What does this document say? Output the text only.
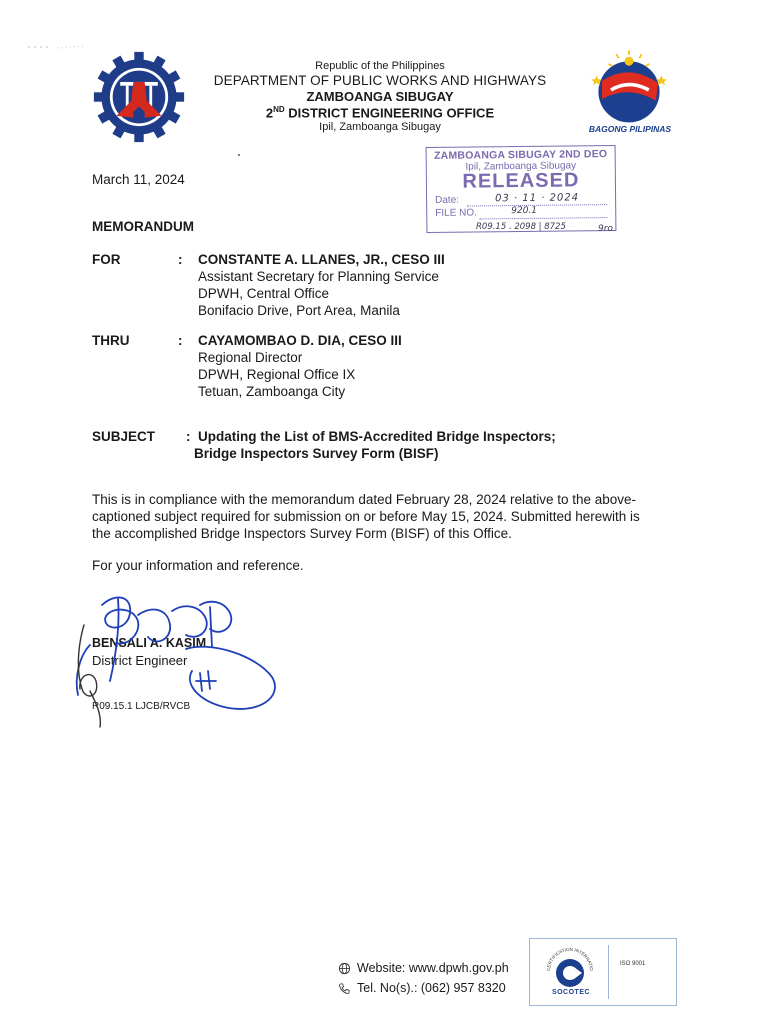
Republic of the Philippines
DEPARTMENT OF PUBLIC WORKS AND HIGHWAYS
ZAMBOANGA SIBUGAY
2ND DISTRICT ENGINEERING OFFICE
Ipil, Zamboanga Sibugay	BAGONG PILIPINAS
ZAMBOANGA SIBUGAY 2ND DEO
Ipil, Zamboanga Sibugay
RELEASED
Date:	03 · 11 · 2024
FILE NO.	920.1
R09.15 . 2098 | 8725	9ro
March 11, 2024
MEMORANDUM
FOR	: CONSTANTE A. LLANES, JR., CESO III
Assistant Secretary for Planning Service
DPWH, Central Office
Bonifacio Drive, Port Area, Manila
THRU	: CAYAMOMBAO D. DIA, CESO III
Regional Director
DPWH, Regional Office IX
Tetuan, Zamboanga City
SUBJECT :  Updating the List of BMS-Accredited Bridge Inspectors;
Bridge Inspectors Survey Form (BISF)
This is in compliance with the memorandum dated February 28, 2024 relative to the above-
captioned subject required for submission on or before May 15, 2024. Submitted herewith is
the accomplished Bridge Inspectors Survey Form (BISF) of this Office.
For your information and reference.
BENSALI A. KASIM
District Engineer
R09.15.1 LJCB/RVCB
Website: www.dpwh.gov.ph
Tel. No(s).: (062) 957 8320
CERTIFICATION INTERNATIO
SOCOTEC
ISO 9001
